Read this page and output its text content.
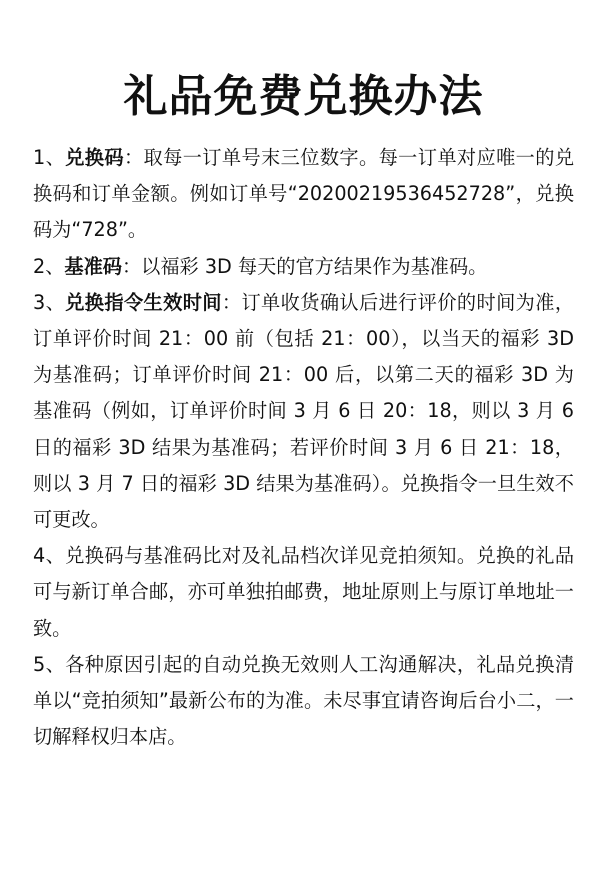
礼品免费兑换办法

1、兑换码：取每一订单号末三位数字。每一订单对应唯一的兑换码和订单金额。例如订单号“20200219536452728”，兑换码为“728”。

2、基准码：以福彩 3D 每天的官方结果作为基准码。

3、兑换指令生效时间：订单收货确认后进行评价的时间为准，订单评价时间 21：00 前（包括 21：00），以当天的福彩 3D 为基准码；订单评价时间 21：00 后，以第二天的福彩 3D 为基准码（例如，订单评价时间 3 月 6 日 20：18，则以 3 月 6 日的福彩 3D 结果为基准码；若评价时间 3 月 6 日 21：18，则以 3 月 7 日的福彩 3D 结果为基准码）。兑换指令一旦生效不可更改。

4、兑换码与基准码比对及礼品档次详见竞拍须知。兑换的礼品可与新订单合邮，亦可单独拍邮费，地址原则上与原订单地址一致。

5、各种原因引起的自动兑换无效则人工沟通解决，礼品兑换清单以“竞拍须知”最新公布的为准。未尽事宜请咨询后台小二，一切解释权归本店。
